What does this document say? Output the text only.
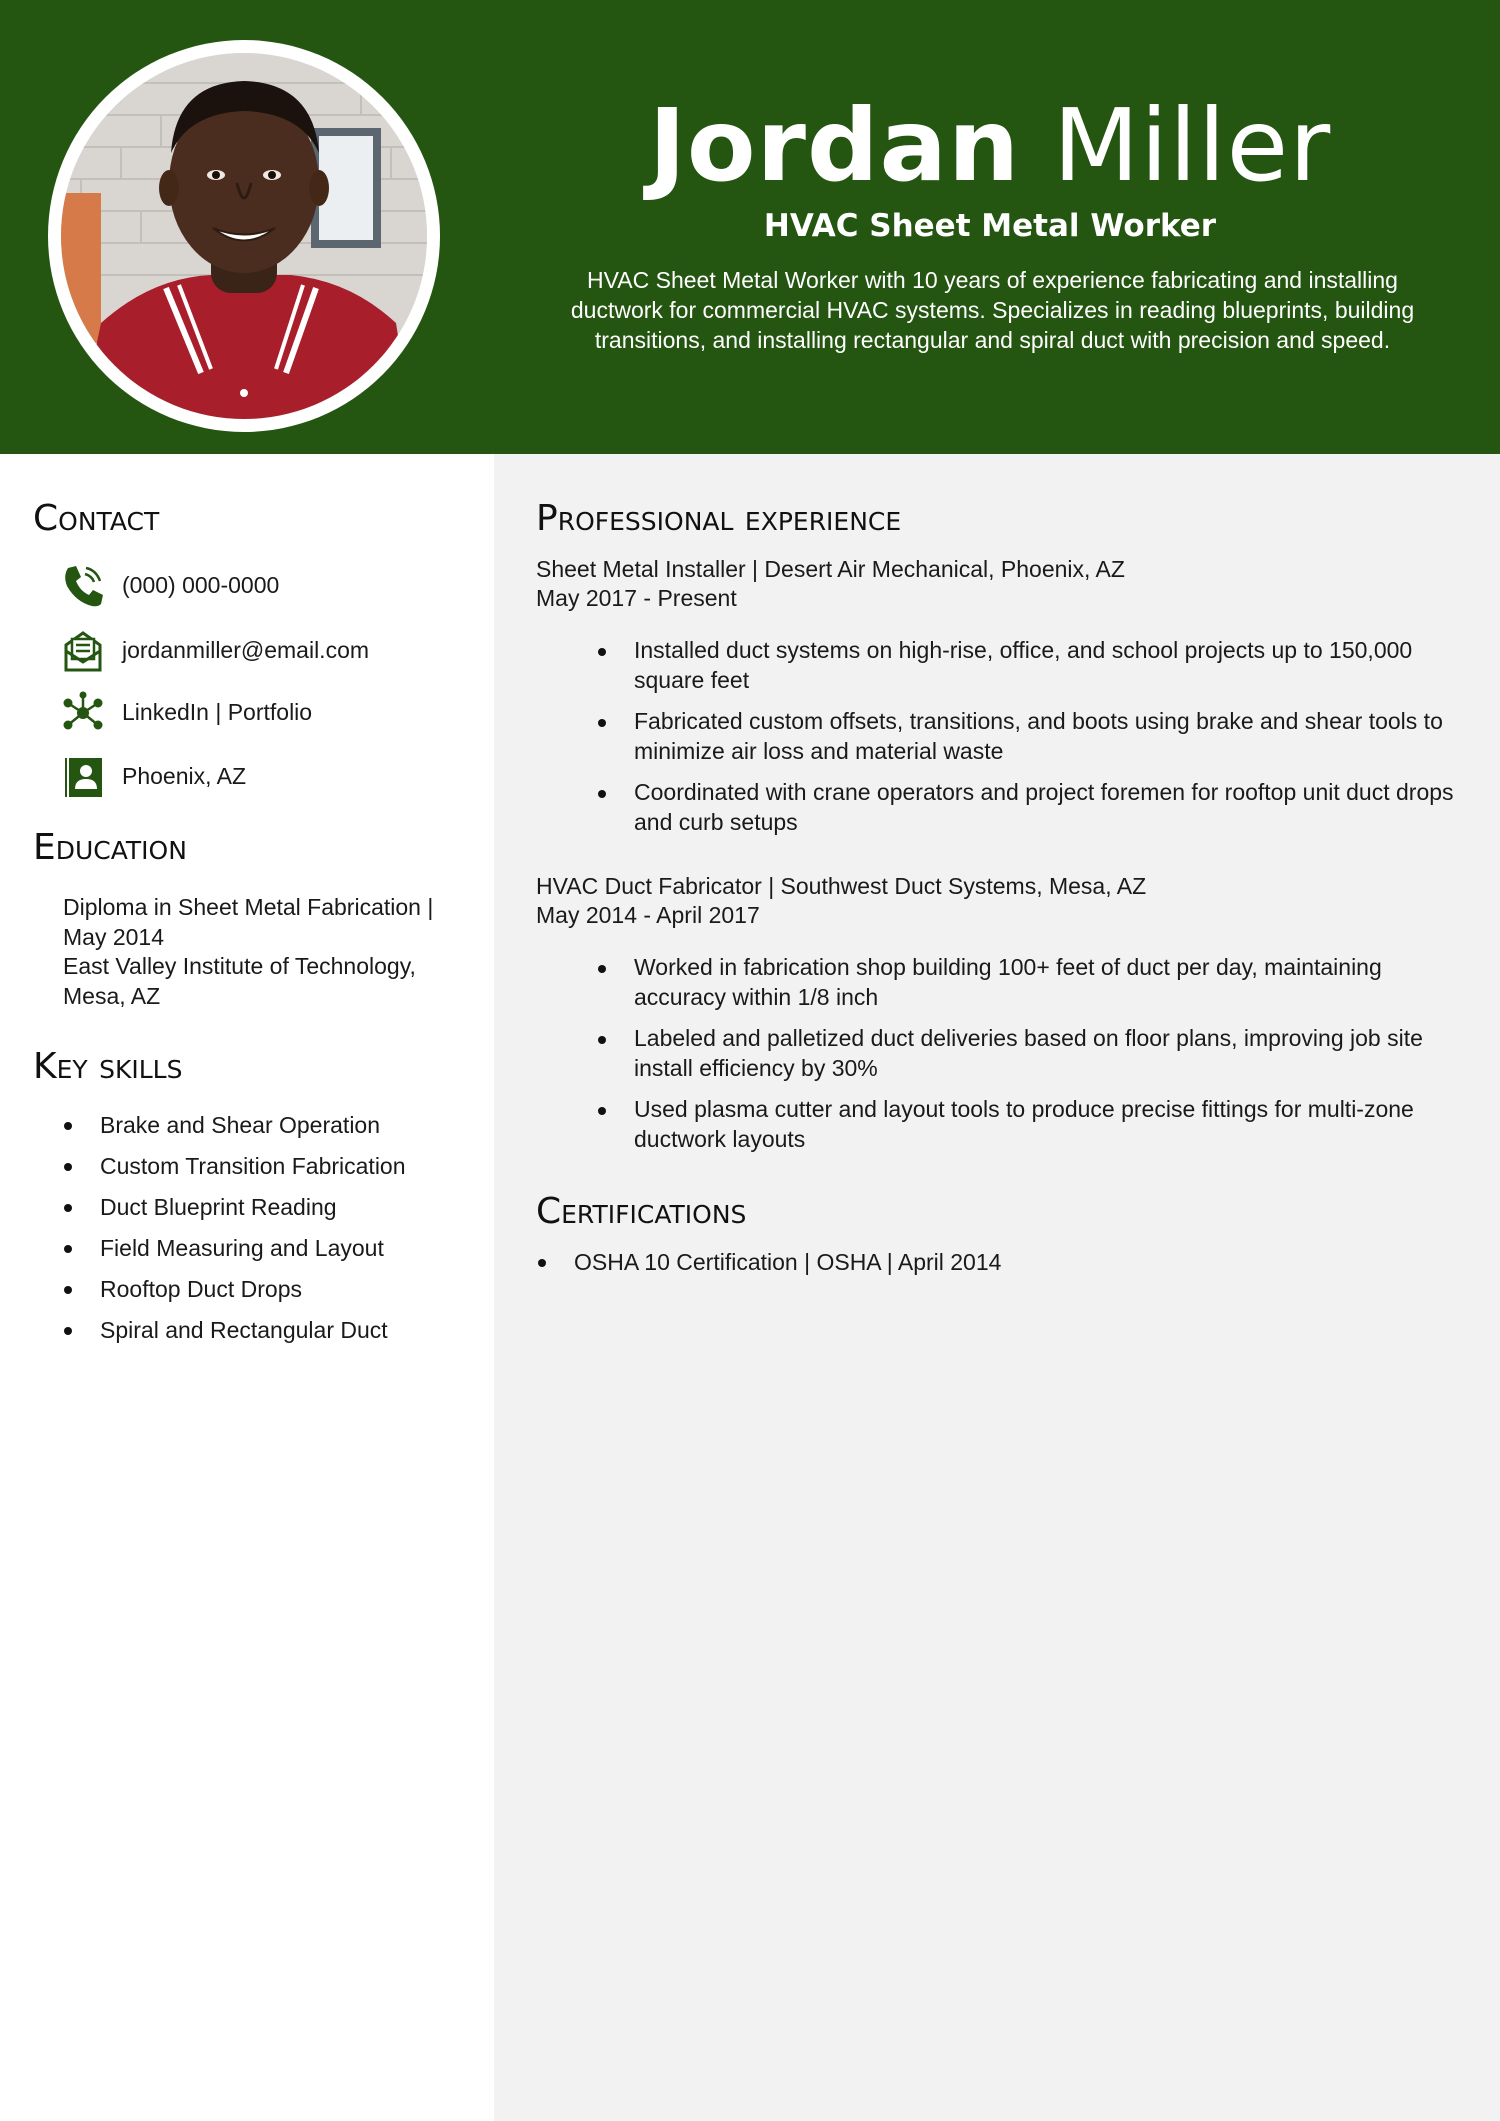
Jordan Miller
HVAC Sheet Metal Worker
HVAC Sheet Metal Worker with 10 years of experience fabricating and installing ductwork for commercial HVAC systems. Specializes in reading blueprints, building transitions, and installing rectangular and spiral duct with precision and speed.
Contact
(000) 000-0000
jordanmiller@email.com
LinkedIn | Portfolio
Phoenix, AZ
Education
Diploma in Sheet Metal Fabrication | May 2014
East Valley Institute of Technology, Mesa, AZ
Key skills
Brake and Shear Operation
Custom Transition Fabrication
Duct Blueprint Reading
Field Measuring and Layout
Rooftop Duct Drops
Spiral and Rectangular Duct
Professional experience
Sheet Metal Installer | Desert Air Mechanical, Phoenix, AZ
May 2017 - Present
Installed duct systems on high-rise, office, and school projects up to 150,000 square feet
Fabricated custom offsets, transitions, and boots using brake and shear tools to minimize air loss and material waste
Coordinated with crane operators and project foremen for rooftop unit duct drops and curb setups
HVAC Duct Fabricator | Southwest Duct Systems, Mesa, AZ
May 2014 - April 2017
Worked in fabrication shop building 100+ feet of duct per day, maintaining accuracy within 1/8 inch
Labeled and palletized duct deliveries based on floor plans, improving job site install efficiency by 30%
Used plasma cutter and layout tools to produce precise fittings for multi-zone ductwork layouts
Certifications
OSHA 10 Certification | OSHA | April 2014
